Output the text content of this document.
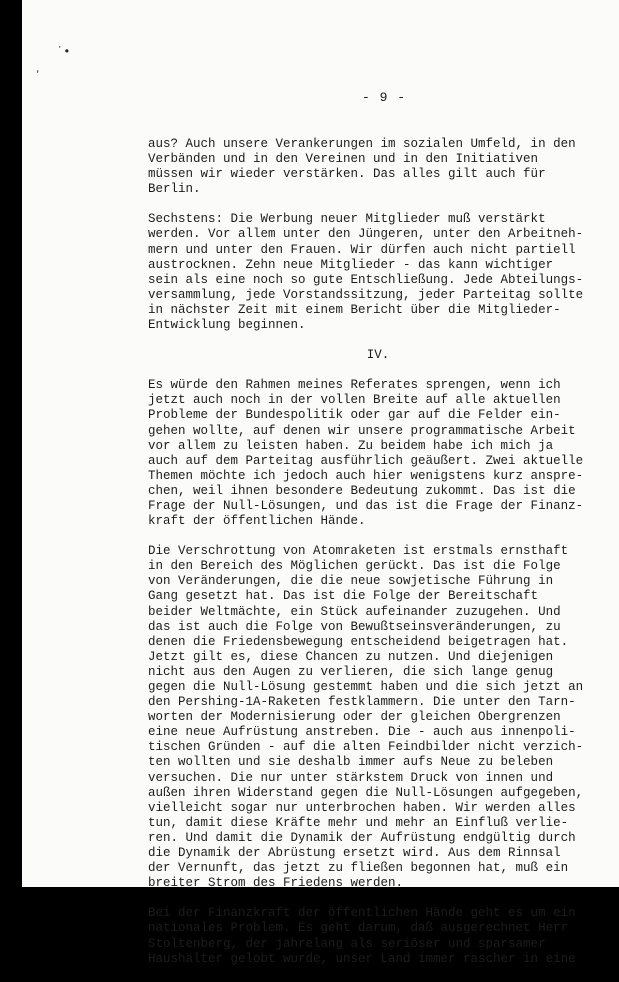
˙•
ʼ
- 9 -
aus? Auch unsere Verankerungen im sozialen Umfeld, in den
Verbänden und in den Vereinen und in den Initiativen
müssen wir wieder verstärken. Das alles gilt auch für
Berlin.
Sechstens: Die Werbung neuer Mitglieder muß verstärkt
werden. Vor allem unter den Jüngeren, unter den Arbeitneh-
mern und unter den Frauen. Wir dürfen auch nicht partiell
austrocknen. Zehn neue Mitglieder - das kann wichtiger
sein als eine noch so gute Entschließung. Jede Abteilungs-
versammlung, jede Vorstandssitzung, jeder Parteitag sollte
in nächster Zeit mit einem Bericht über die Mitglieder-
Entwicklung beginnen.
IV.
Es würde den Rahmen meines Referates sprengen, wenn ich
jetzt auch noch in der vollen Breite auf alle aktuellen
Probleme der Bundespolitik oder gar auf die Felder ein-
gehen wollte, auf denen wir unsere programmatische Arbeit
vor allem zu leisten haben. Zu beidem habe ich mich ja
auch auf dem Parteitag ausführlich geäußert. Zwei aktuelle
Themen möchte ich jedoch auch hier wenigstens kurz anspre-
chen, weil ihnen besondere Bedeutung zukommt. Das ist die
Frage der Null-Lösungen, und das ist die Frage der Finanz-
kraft der öffentlichen Hände.
Die Verschrottung von Atomraketen ist erstmals ernsthaft
in den Bereich des Möglichen gerückt. Das ist die Folge
von Veränderungen, die die neue sowjetische Führung in
Gang gesetzt hat. Das ist die Folge der Bereitschaft
beider Weltmächte, ein Stück aufeinander zuzugehen. Und
das ist auch die Folge von Bewußtseinsveränderungen, zu
denen die Friedensbewegung entscheidend beigetragen hat.
Jetzt gilt es, diese Chancen zu nutzen. Und diejenigen
nicht aus den Augen zu verlieren, die sich lange genug
gegen die Null-Lösung gestemmt haben und die sich jetzt an
den Pershing-1A-Raketen festklammern. Die unter den Tarn-
worten der Modernisierung oder der gleichen Obergrenzen
eine neue Aufrüstung anstreben. Die - auch aus innenpoli-
tischen Gründen - auf die alten Feindbilder nicht verzich-
ten wollten und sie deshalb immer aufs Neue zu beleben
versuchen. Die nur unter stärkstem Druck von innen und
außen ihren Widerstand gegen die Null-Lösungen aufgegeben,
vielleicht sogar nur unterbrochen haben. Wir werden alles
tun, damit diese Kräfte mehr und mehr an Einfluß verlie-
ren. Und damit die Dynamik der Aufrüstung endgültig durch
die Dynamik der Abrüstung ersetzt wird. Aus dem Rinnsal
der Vernunft, das jetzt zu fließen begonnen hat, muß ein
breiter Strom des Friedens werden.
Bei der Finanzkraft der öffentlichen Hände geht es um ein
nationales Problem. Es geht darum, daß ausgerechnet Herr
Stoltenberg, der jahrelang als seriöser und sparsamer
Haushälter gelobt wurde, unser Land immer rascher in eine
